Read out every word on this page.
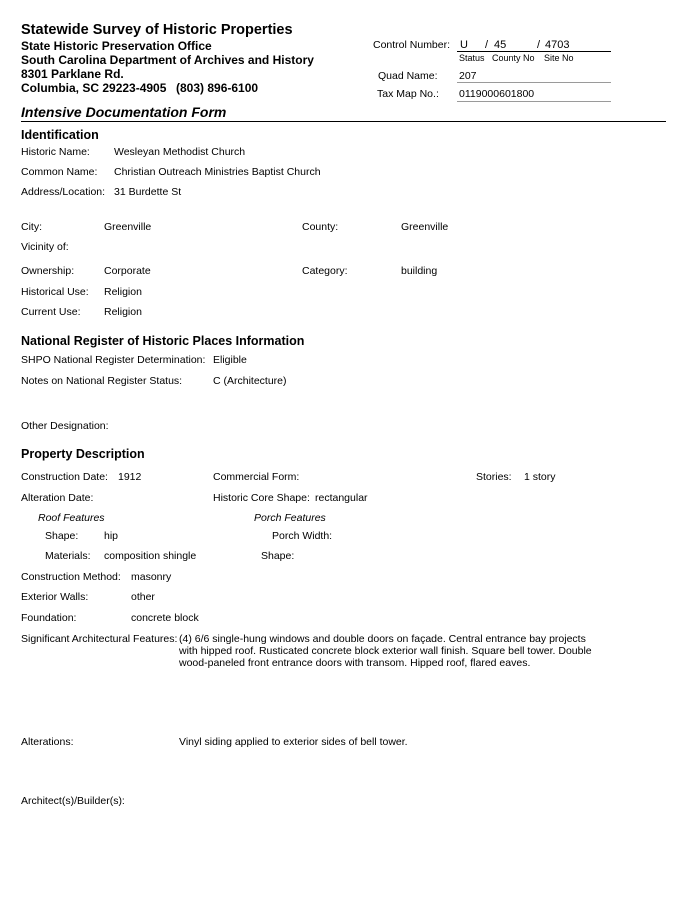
Statewide Survey of Historic Properties
State Historic Preservation Office
South Carolina Department of Archives and History
8301 Parklane Rd.
Columbia, SC 29223-4905 (803) 896-6100
Control Number: U / 45	/ 4703
Status County No Site No
Quad Name: 207
Tax Map No.: 0119000601800
Intensive Documentation Form
Identification
Historic Name: Wesleyan Methodist Church
Common Name: Christian Outreach Ministries Baptist Church
Address/Location: 31 Burdette St
City:	Greenville	County:	Greenville
Vicinity of:
Ownership:	Corporate	Category:	building
Historical Use: Religion
Current Use: Religion
National Register of Historic Places Information
SHPO National Register Determination: Eligible
Notes on National Register Status:	C (Architecture)
Other Designation:
Property Description
Construction Date: 1912	Commercial Form:	Stories: 1 story
Alteration Date:	Historic Core Shape: rectangular
Roof Features	Porch Features
Shape: hip	Porch Width:
Materials: composition shingle	Shape:
Construction Method: masonry
Exterior Walls:	other
Foundation:	concrete block
Significant Architectural Features: (4) 6/6 single-hung windows and double doors on façade. Central entrance bay projects with hipped roof. Rusticated concrete block exterior wall finish. Square bell tower. Double wood-paneled front entrance doors with transom. Hipped roof, flared eaves.
Alterations:	Vinyl siding applied to exterior sides of bell tower.
Architect(s)/Builder(s):
